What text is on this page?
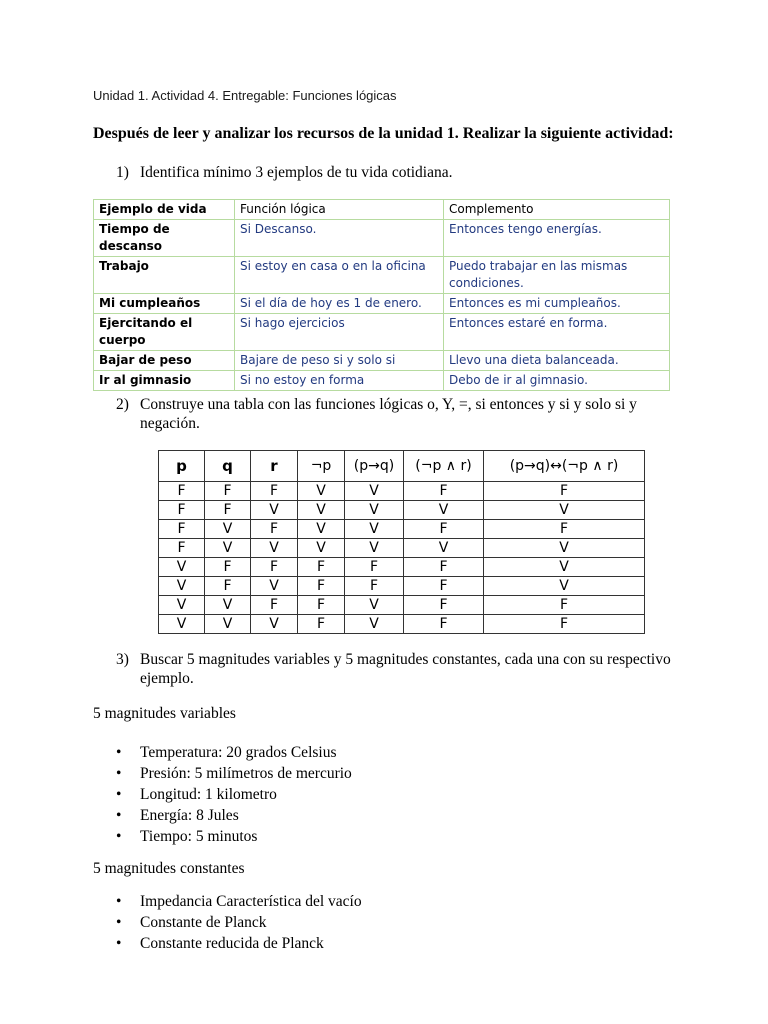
Unidad 1. Actividad 4. Entregable: Funciones lógicas
Después de leer y analizar los recursos de la unidad 1. Realizar la siguiente actividad:
1) Identifica mínimo 3 ejemplos de tu vida cotidiana.
Ejemplo de vida	Función lógica	Complemento
Tiempo de descanso	Si Descanso.	Entonces tengo energías.
Trabajo	Si estoy en casa o en la oficina	Puedo trabajar en las mismas condiciones.
Mi cumpleaños	Si el día de hoy es 1 de enero.	Entonces es mi cumpleaños.
Ejercitando el cuerpo	Si hago ejercicios	Entonces estaré en forma.
Bajar de peso	Bajare de peso si y solo si	Llevo una dieta balanceada.
Ir al gimnasio	Si no estoy en forma	Debo de ir al gimnasio.
2) Construye una tabla con las funciones lógicas o, Y, =, si entonces y si y solo si y
negación.
p	q	r	¬p	(p→q)	(¬p ∧ r)	(p→q)↔(¬p ∧ r)
F	F	F	V	V	F	F
F	F	V	V	V	V	V
F	V	F	V	V	F	F
F	V	V	V	V	V	V
V	F	F	F	F	F	V
V	F	V	F	F	F	V
V	V	F	F	V	F	F
V	V	V	F	V	F	F
3) Buscar 5 magnitudes variables y 5 magnitudes constantes, cada una con su respectivo
ejemplo.
5 magnitudes variables
• Temperatura: 20 grados Celsius
• Presión: 5 milímetros de mercurio
• Longitud: 1 kilometro
• Energía: 8 Jules
• Tiempo: 5 minutos
5 magnitudes constantes
• Impedancia Característica del vacío
• Constante de Planck
• Constante reducida de Planck
